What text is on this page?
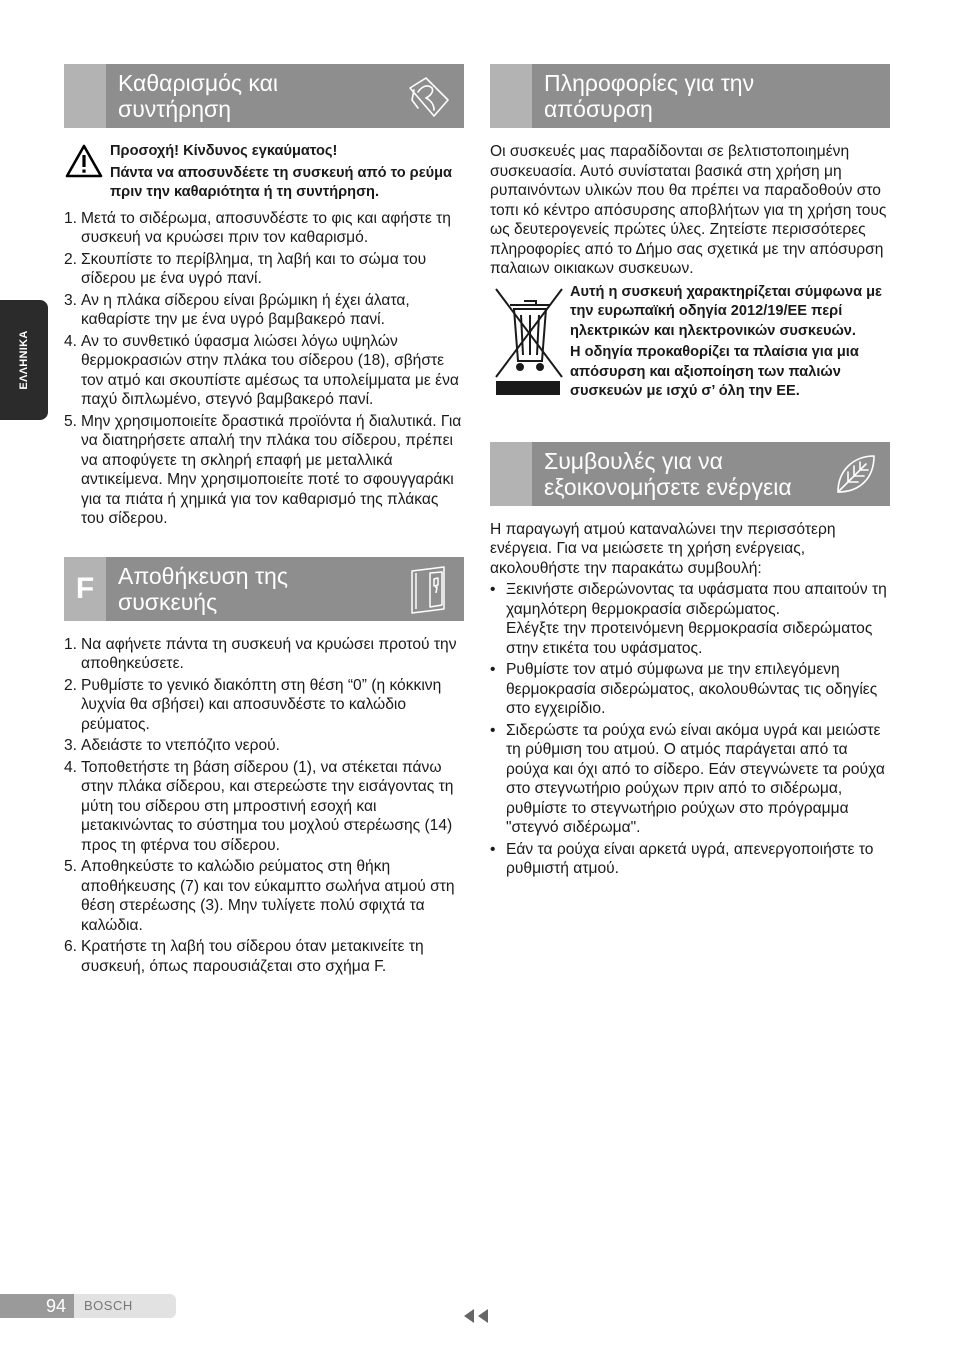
ΕΛΛΗΝΙΚΑ
Καθαρισμός και
συντήρηση

Προσοχή! Κίνδυνος εγκαύματος!

Πάντα να αποσυνδέετε τη συσκευή από το ρεύμα πριν την καθαριότητα ή τη συντήρηση.

1. Μετά το σιδέρωμα, αποσυνδέστε το φις και αφήστε τη συσκευή να κρυώσει πριν τον καθαρισμό.
2. Σκουπίστε το περίβλημα, τη λαβή και το σώμα του σίδερου με ένα υγρό πανί.
3. Αν η πλάκα σίδερου είναι βρώμικη ή έχει άλατα, καθαρίστε την με ένα υγρό βαμβακερό πανί.
4. Αν το συνθετικό ύφασμα λιώσει λόγω υψηλών θερμοκρασιών στην πλάκα του σίδερου (18), σβήστε τον ατμό και σκουπίστε αμέσως τα υπολείμματα με ένα παχύ διπλωμένο, στεγνό βαμβακερό πανί.
5. Μην χρησιμοποιείτε δραστικά προϊόντα ή διαλυτικά. Για να διατηρήσετε απαλή την πλάκα του σίδερου, πρέπει να αποφύγετε τη σκληρή επαφή με μεταλλικά αντικείμενα. Μην χρησιμοποιείτε ποτέ το σφουγγαράκι για τα πιάτα ή χημικά για τον καθαρισμό της πλάκας του σίδερου.
F	Αποθήκευση της
συσκευής
1. Να αφήνετε πάντα τη συσκευή να κρυώσει προτού την αποθηκεύσετε.
2. Ρυθμίστε το γενικό διακόπτη στη θέση “0” (η κόκκινη λυχνία θα σβήσει) και αποσυνδέστε το καλώδιο ρεύματος.
3. Αδειάστε το ντεπόζιτο νερού.
4. Τοποθετήστε τη βάση σίδερου (1), να στέκεται πάνω στην πλάκα σίδερου, και στερεώστε την εισάγοντας τη μύτη του σίδερου στη μπροστινή εσοχή και μετακινώντας το σύστημα του μοχλού στερέωσης (14) προς τη φτέρνα του σίδερου.
5. Αποθηκεύστε το καλώδιο ρεύματος στη θήκη αποθήκευσης (7) και τον εύκαμπτο σωλήνα ατμού στη θέση στερέωσης (3). Μην τυλίγετε πολύ σφιχτά τα καλώδια.
6. Κρατήστε τη λαβή του σίδερου όταν μετακινείτε τη συσκευή, όπως παρουσιάζεται στο σχήμα F.
Πληροφορίες για την
απόσυρση

Οι συσκευές μας παραδίδονται σε βελτιστοποιημένη συσκευασία. Αυτό συνίσταται βασικά στη χρήση μη ρυπαινόντων υλικών που θα πρέπει να παραδοθούν στο τοπι κό κέντρο απόσυρσης αποβλήτων για τη χρήση τους ως δευτερογενείς πρώτες ύλες. Ζητείστε περισσότερες πληροφορίες από το Δήμο σας σχετικά με την απόσυρση παλαιων οικιακων συσκευων.

Αυτή η συσκευή χαρακτηρίζεται σύμφωνα με την ευρωπαϊκή οδηγία 2012/19/EE περί ηλεκτρικών και ηλεκτρονικών συσκευών.

Η οδηγία προκαθορίζει τα πλαίσια για μια απόσυρση και αξιοποίηση των παλιών συσκευών με ισχύ σ’ όλη την ΕΕ.

Συμβουλές για να
εξοικονομήσετε ενέργεια

Η παραγωγή ατμού καταναλώνει την περισσότερη ενέργεια. Για να μειώσετε τη χρήση ενέργειας, ακολουθήστε την παρακάτω συμβουλή:

• Ξεκινήστε σιδερώνοντας τα υφάσματα που απαιτούν τη χαμηλότερη θερμοκρασία σιδερώματος.
Ελέγξτε την προτεινόμενη θερμοκρασία σιδερώματος στην ετικέτα του υφάσματος.
• Ρυθμίστε τον ατμό σύμφωνα με την επιλεγόμενη θερμοκρασία σιδερώματος, ακολουθώντας τις οδηγίες στο εγχειρίδιο.
• Σιδερώστε τα ρούχα ενώ είναι ακόμα υγρά και μειώστε τη ρύθμιση του ατμού. Ο ατμός παράγεται από τα ρούχα και όχι από το σίδερο. Εάν στεγνώνετε τα ρούχα στο στεγνωτήριο ρούχων πριν από το σιδέρωμα, ρυθμίστε το στεγνωτήριο ρούχων στο πρόγραμμα "στεγνό σιδέρωμα".
• Εάν τα ρούχα είναι αρκετά υγρά, απενεργοποιήστε το ρυθμιστή ατμού.
94	BOSCH
